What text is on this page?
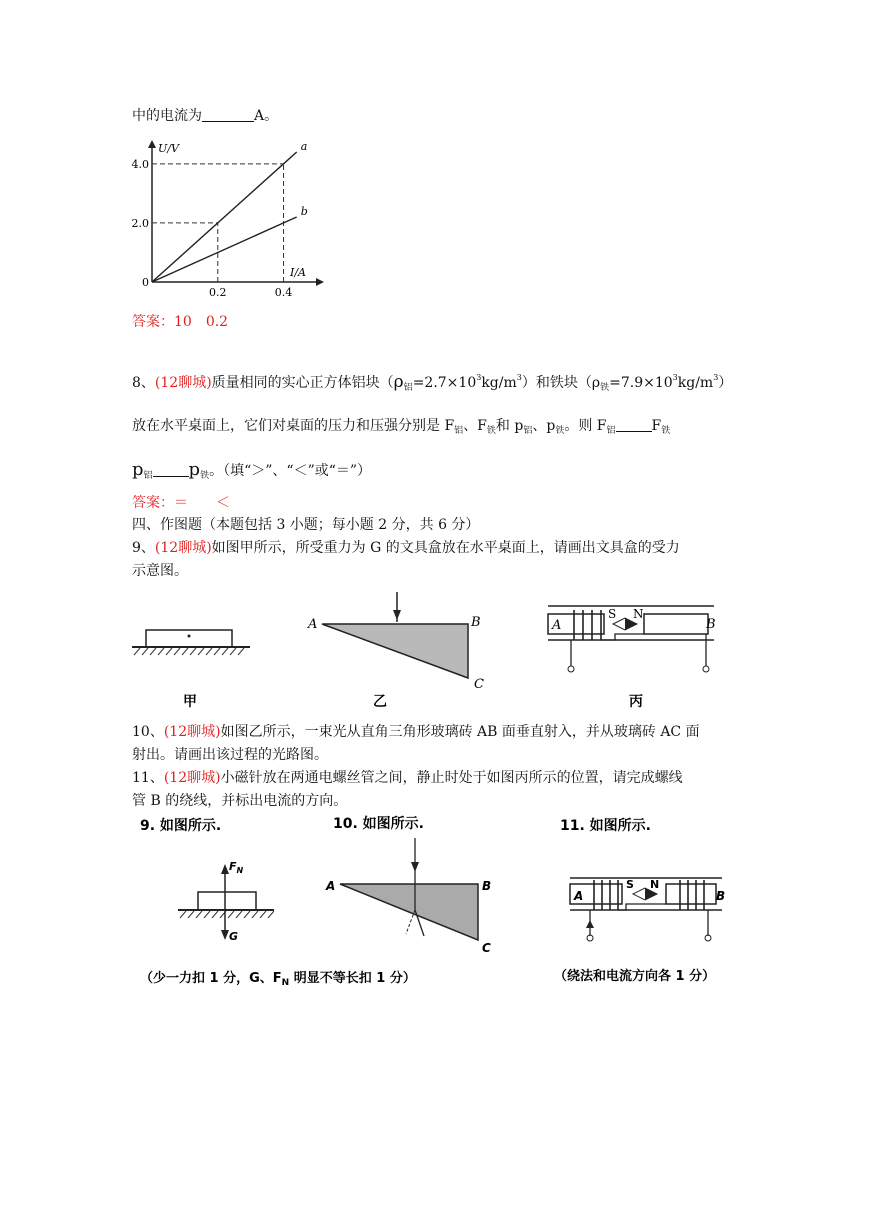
中的电流为	A。
U/V
I/A
0
2.0
4.0
0.2	0.4
a
b
答案：10　0.2
8、(12聊城)质量相同的实心正方体铝块$(\rho_铝=2.7\times 10^3kg/m^3)$和铁块$(\rho_铁=7.9\times 10^3kg/m^3)$
放在水平桌面上，它们对桌面的压力和压强分别是 $F_铝$、$F_铁$和 $p_铝$、$p_铁$。则 $F_铝$	$F_铁$
$p_铝$ $p_铁$。（填“＞”、“＜”或“＝”）
答案：＝　　＜
四、作图题（本题包括 3 小题；每小题 2 分，共 6 分）
9、(12聊城)如图甲所示，所受重力为 G 的文具盒放在水平桌面上，请画出文具盒的受力
示意图。
甲
A	B
C
乙
A	B
S N
丙
10、(12聊城)如图乙所示，一束光从直角三角形玻璃砖 AB 面垂直射入，并从玻璃砖 AC 面
射出。请画出该过程的光路图。
11、(12聊城)小磁针放在两通电螺丝管之间，静止时处于如图丙所示的位置，请完成螺线
管 B 的绕线，并标出电流的方向。
9. 如图所示.	10. 如图所示.	11. 如图所示.
$F_N$
G
A	B
C
A	B
S N
（少一力扣 1 分，G、$F_N$ 明显不等长扣 1 分）	（绕法和电流方向各 1 分）
